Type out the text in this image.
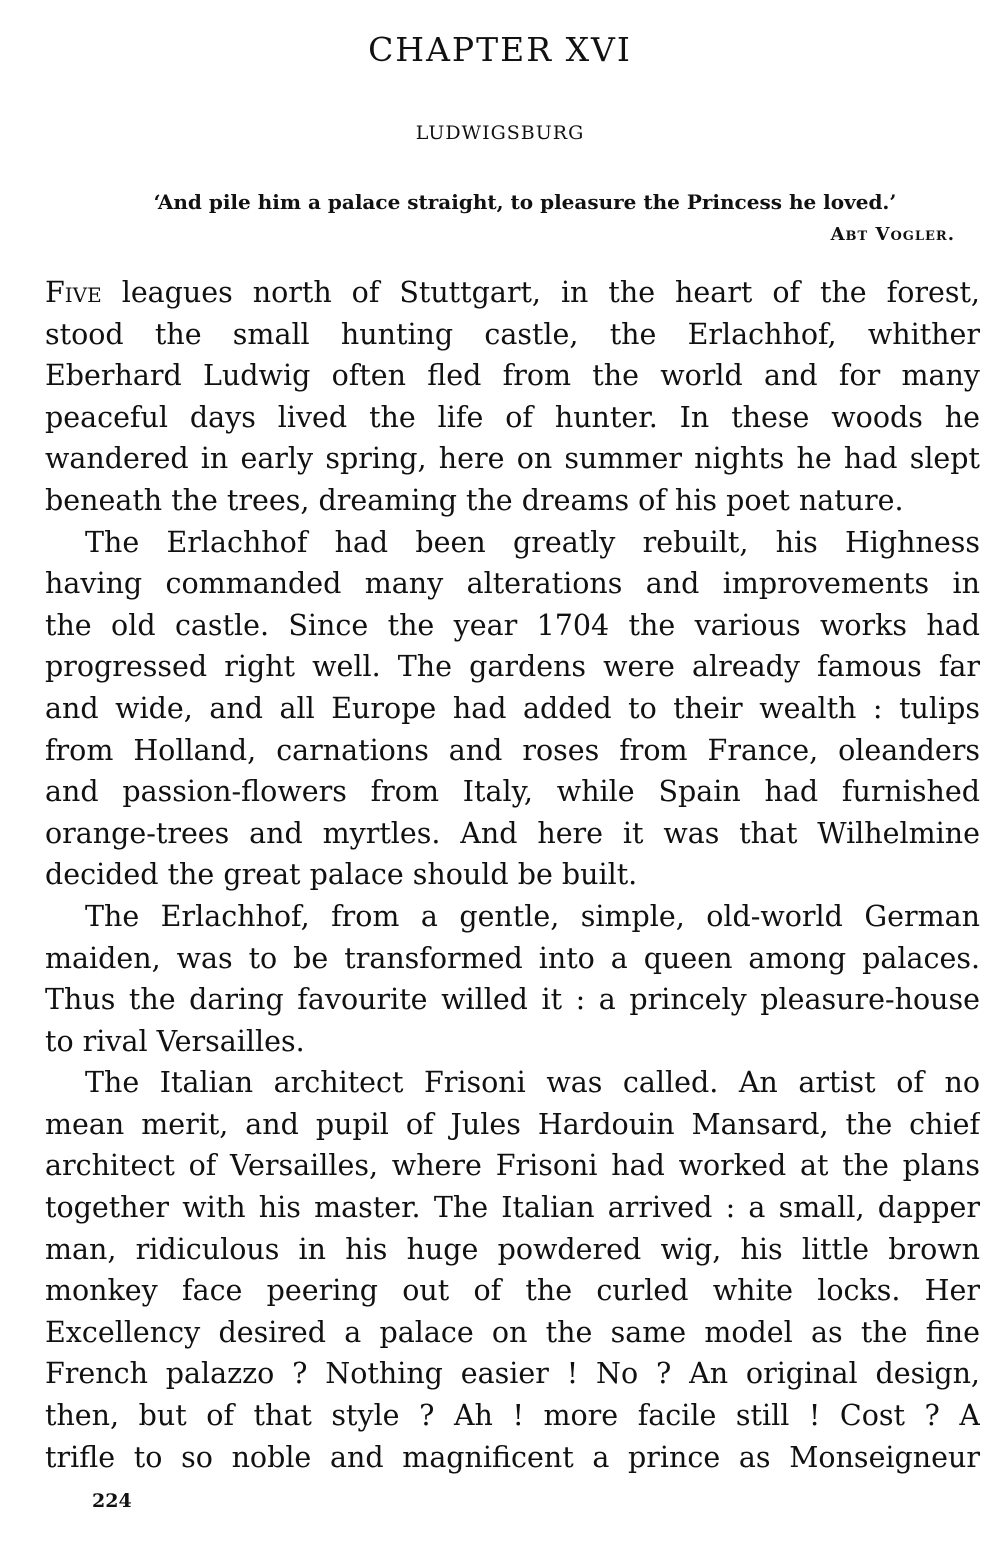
CHAPTER XVI
LUDWIGSBURG
‘And pile him a palace straight, to pleasure the Princess he loved.’
Abt Vogler.
Five leagues north of Stuttgart, in the heart of the forest,
stood the small hunting castle, the Erlachhof, whither
Eberhard Ludwig often fled from the world and for many
peaceful days lived the life of hunter. In these woods he
wandered in early spring, here on summer nights he had slept
beneath the trees, dreaming the dreams of his poet nature.
The Erlachhof had been greatly rebuilt, his Highness
having commanded many alterations and improvements in
the old castle. Since the year 1704 the various works had
progressed right well. The gardens were already famous far
and wide, and all Europe had added to their wealth : tulips
from Holland, carnations and roses from France, oleanders
and passion-flowers from Italy, while Spain had furnished
orange-trees and myrtles. And here it was that Wilhelmine
decided the great palace should be built.
The Erlachhof, from a gentle, simple, old-world German
maiden, was to be transformed into a queen among palaces.
Thus the daring favourite willed it : a princely pleasure-house
to rival Versailles.
The Italian architect Frisoni was called. An artist of no
mean merit, and pupil of Jules Hardouin Mansard, the chief
architect of Versailles, where Frisoni had worked at the plans
together with his master. The Italian arrived : a small, dapper
man, ridiculous in his huge powdered wig, his little brown
monkey face peering out of the curled white locks. Her
Excellency desired a palace on the same model as the fine
French palazzo ? Nothing easier ! No ? An original design,
then, but of that style ? Ah ! more facile still ! Cost ? A
trifle to so noble and magnificent a prince as Monseigneur
224
